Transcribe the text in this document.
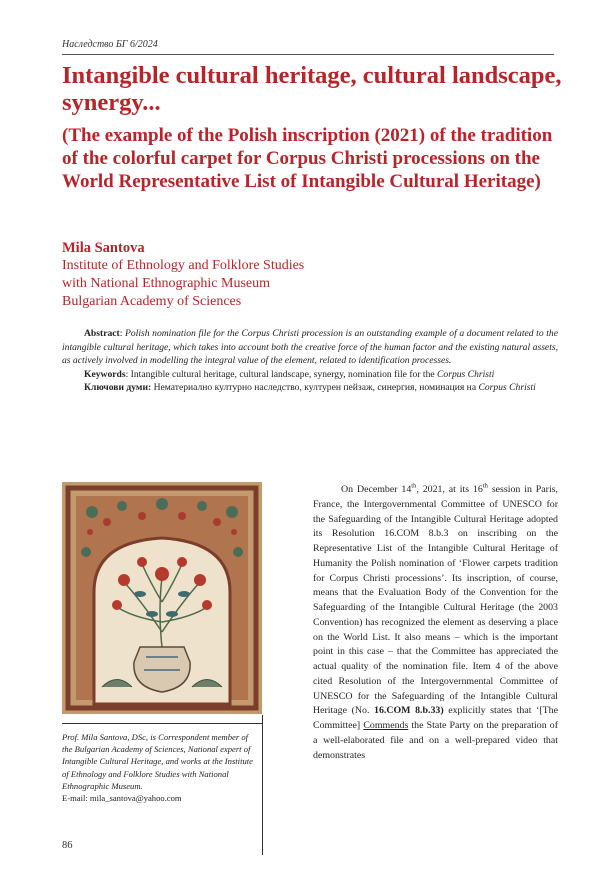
Наследство БГ 6/2024
Intangible cultural heritage, cultural landscape, synergy...
(The example of the Polish inscription (2021) of the tradition of the colorful carpet for Corpus Christi processions on the World Representative List of Intangible Cultural Heritage)
Mila Santova
Institute of Ethnology and Folklore Studies
with National Ethnographic Museum
Bulgarian Academy of Sciences

Abstract: Polish nomination file for the Corpus Christi procession is an outstanding example of a document related to the intangible cultural heritage, which takes into account both the creative force of the human factor and the existing natural assets, as actively involved in modelling the integral value of the element, related to identification processes.

Keywords: Intangible cultural heritage, cultural landscape, synergy, nomination file for the Corpus Christi

Ключови думи: Нематериално културно наследство, културен пейзаж, синергия, номинация на Corpus Christi

Prof. Mila Santova, DSc, is Correspondent member of the Bulgarian Academy of Sciences, National expert of Intangible Cultural Heritage, and works at the Institute of Ethnology and Folklore Studies with National Ethnographic Museum.
E-mail: mila_santova@yahoo.com

On December 14th, 2021, at its 16th session in Paris, France, the Intergovernmental Committee of UNESCO for the Safeguarding of the Intangible Cultural Heritage adopted its Resolution 16.COM 8.b.3 on inscribing on the Representative List of the Intangible Cultural Heritage of Humanity the Polish nomination of ‘Flower carpets tradition for Corpus Christi processions’. Its inscription, of course, means that the Evaluation Body of the Convention for the Safeguarding of the Intangible Cultural Heritage (the 2003 Convention) has recognized the element as deserving a place on the World List. It also means – which is the important point in this case – that the Committee has appreciated the actual quality of the nomination file. Item 4 of the above cited Resolution of the Intergovernmental Committee of UNESCO for the Safeguarding of the Intangible Cultural Heritage (No. 16.COM 8.b.33) explicitly states that ‘[The Committee] Commends the State Party on the preparation of a well-elaborated file and on a well-prepared video that demonstrates

86
